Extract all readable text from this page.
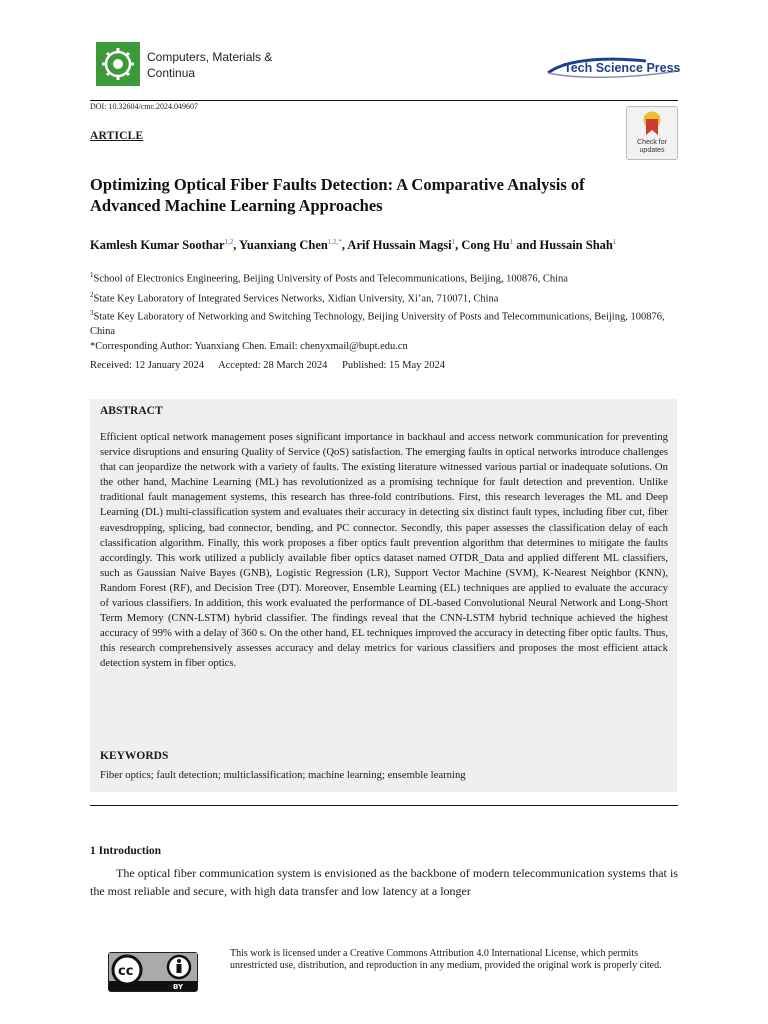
Computers, Materials & Continua	Tech Science Press
DOI: 10.32604/cmc.2024.049607
ARTICLE
Check for updates
Optimizing Optical Fiber Faults Detection: A Comparative Analysis of Advanced Machine Learning Approaches
Kamlesh Kumar Soothar$^{1,2}$, Yuanxiang Chen$^{1,2,*}$, Arif Hussain Magsi$^1$, Cong Hu$^1$ and Hussain Shah$^1$
$^1$School of Electronics Engineering, Beijing University of Posts and Telecommunications, Beijing, 100876, China
$^2$State Key Laboratory of Integrated Services Networks, Xidian University, Xi’an, 710071, China
$^3$State Key Laboratory of Networking and Switching Technology, Beijing University of Posts and Telecommunications, Beijing, 100876, China
*Corresponding Author: Yuanxiang Chen. Email: chenyxmail@bupt.edu.cn
Received: 12 January 2024 Accepted: 28 March 2024 Published: 15 May 2024
ABSTRACT
Efficient optical network management poses significant importance in backhaul and access network communication for preventing service disruptions and ensuring Quality of Service (QoS) satisfaction. The emerging faults in optical networks introduce challenges that can jeopardize the network with a variety of faults. The existing literature witnessed various partial or inadequate solutions. On the other hand, Machine Learning (ML) has revolutionized as a promising technique for fault detection and prevention. Unlike traditional fault management systems, this research has three-fold contributions. First, this research leverages the ML and Deep Learning (DL) multi-classification system and evaluates their accuracy in detecting six distinct fault types, including fiber cut, fiber eavesdropping, splicing, bad connector, bending, and PC connector. Secondly, this paper assesses the classification delay of each classification algorithm. Finally, this work proposes a fiber optics fault prevention algorithm that determines to mitigate the faults accordingly. This work utilized a publicly available fiber optics dataset named OTDR_Data and applied different ML classifiers, such as Gaussian Naive Bayes (GNB), Logistic Regression (LR), Support Vector Machine (SVM), K-Nearest Neighbor (KNN), Random Forest (RF), and Decision Tree (DT). Moreover, Ensemble Learning (EL) techniques are applied to evaluate the accuracy of various classifiers. In addition, this work evaluated the performance of DL-based Convolutional Neural Network and Long-Short Term Memory (CNN-LSTM) hybrid classifier. The findings reveal that the CNN-LSTM hybrid technique achieved the highest accuracy of 99% with a delay of 360 s. On the other hand, EL techniques improved the accuracy in detecting fiber optic faults. Thus, this research comprehensively assesses accuracy and delay metrics for various classifiers and proposes the most efficient attack detection system in fiber optics.
KEYWORDS
Fiber optics; fault detection; multiclassification; machine learning; ensemble learning
1 Introduction
The optical fiber communication system is envisioned as the backbone of modern telecommunication systems that is the most reliable and secure, with high data transfer and low latency at a longer
cc
BY
This work is licensed under a Creative Commons Attribution 4.0 International License, which permits unrestricted use, distribution, and reproduction in any medium, provided the original work is properly cited.
